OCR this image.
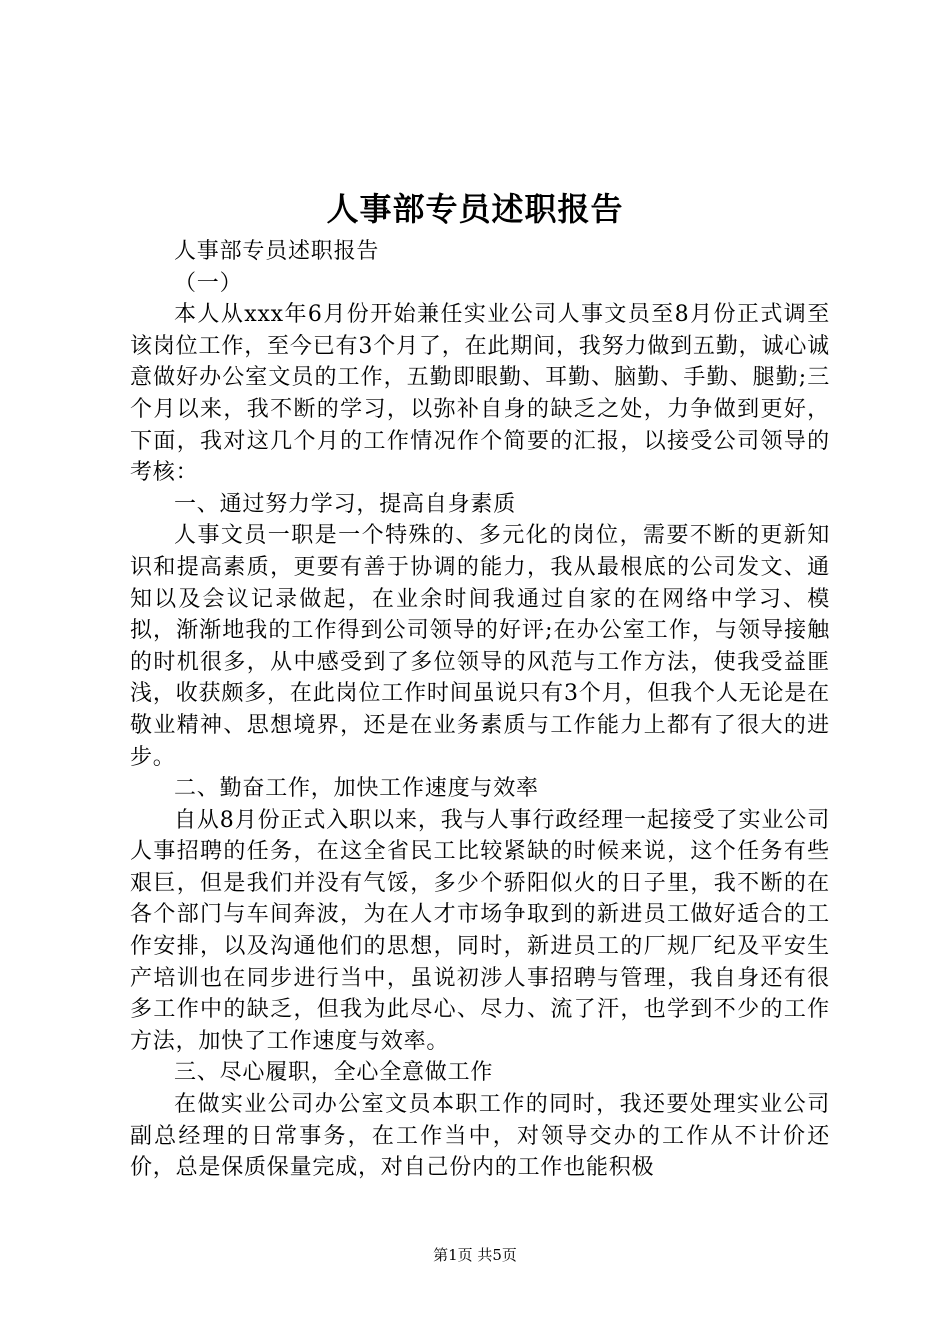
人事部专员述职报告

人事部专员述职报告

（一）

本人从xxx年6月份开始兼任实业公司人事文员至8月份正式调至该岗位工作，至今已有3个月了，在此期间，我努力做到五勤，诚心诚意做好办公室文员的工作，五勤即眼勤、耳勤、脑勤、手勤、腿勤;三个月以来，我不断的学习，以弥补自身的缺乏之处，力争做到更好，下面，我对这几个月的工作情况作个简要的汇报，以接受公司领导的考核：

一、通过努力学习，提高自身素质

人事文员一职是一个特殊的、多元化的岗位，需要不断的更新知识和提高素质，更要有善于协调的能力，我从最根底的公司发文、通知以及会议记录做起，在业余时间我通过自家的在网络中学习、模拟，渐渐地我的工作得到公司领导的好评;在办公室工作，与领导接触的时机很多，从中感受到了多位领导的风范与工作方法，使我受益匪浅，收获颇多，在此岗位工作时间虽说只有3个月，但我个人无论是在敬业精神、思想境界，还是在业务素质与工作能力上都有了很大的进步。

二、勤奋工作，加快工作速度与效率

自从8月份正式入职以来，我与人事行政经理一起接受了实业公司人事招聘的任务，在这全省民工比较紧缺的时候来说，这个任务有些艰巨，但是我们并没有气馁，多少个骄阳似火的日子里，我不断的在各个部门与车间奔波，为在人才市场争取到的新进员工做好适合的工作安排，以及沟通他们的思想，同时，新进员工的厂规厂纪及平安生产培训也在同步进行当中，虽说初涉人事招聘与管理，我自身还有很多工作中的缺乏，但我为此尽心、尽力、流了汗，也学到不少的工作方法，加快了工作速度与效率。

三、尽心履职，全心全意做工作

在做实业公司办公室文员本职工作的同时，我还要处理实业公司副总经理的日常事务，在工作当中，对领导交办的工作从不计价还价，总是保质保量完成，对自己份内的工作也能积极

第1页 共5页
